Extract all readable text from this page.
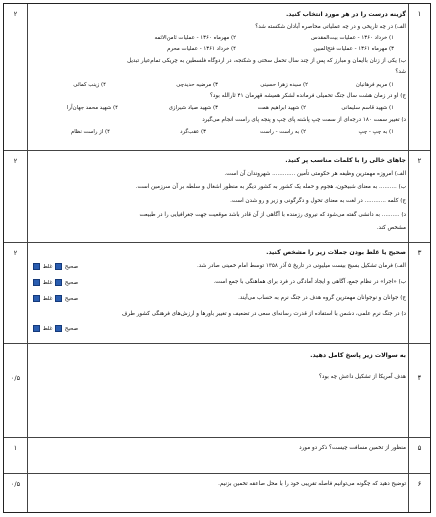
۱
۲	گزینه درست را در هر مورد انتخاب کنید.
الف) در چه تاریخی و در چه عملیاتی محاصره آبادان شکسته شد؟
۱) خرداد ۱۳۶۰ - عملیات بیت‌المقدس
۲) مهرماه ۱۳۶۰ - عملیات ثامن‌الائمه
۳) مهرماه ۱۳۶۱ - عملیات فتح‌المبین
۴) خرداد ۱۳۶۱ - عملیات محرم
ب) یکی از زنان باایمان و مبارز که پس از چند سال تحمل سختی و شکنجه، در اردوگاه فلسطین به چریکی تمام‌عیار تبدیل
شد؟
۱) مریم فرهانیان
۲) سیده زهرا حسینی
۳) مرضیه حدیدچی
۴) زینب کمائی
ج) او در زمان هشت سال جنگ تحمیلی فرمانده لشکر همیشه قهرمان ۴۱ ثارالله بود؟
۱) شهید قاسم سلیمانی
۲) شهید ابراهیم همت
۳) شهید صیاد شیرازی
۴) شهید محمد جهان‌آرا
د) تغییر سمت ۱۸۰ درجه‌ای از سمت چپ پاشنه پای چپ و پنجه پای راست انجام می‌گیرد
۱) به چپ - چپ
۲) به راست - راست
۳) عقب‌گرد
۴) از راست نظام
۲
۲	جاهای خالی را با کلمات مناسب پر کنید.
الف) امروزه مهمترین وظیفه هر حکومتی تأمین ............. شهروندان آن است.
ب) .......... به معنای شبیخون، هجوم و حمله یک کشور به کشور دیگر به منظور اشغال و سلطه بر آن سرزمین است.
ج) کلمه ............ در لغت به معنای تحول و دگرگونی و زیر و رو شدن است.
د) .......... به دانشی گفته می‌شود که نیروی رزمنده با آگاهی از آن قادر باشد موقعیت جهت جغرافیایی را در طبیعت
مشخص کند.
۳
۲	صحیح یا غلط بودن جملات زیر را مشخص کنید.
الف) فرمان تشکیل بسیج بیست میلیونی در تاریخ ۵ آذر ۱۳۵۸ توسط امام خمینی صادر شد.
صحیح  غلط
ب) «اجرا» در نظام جمع، آگاهی و ایجاد آمادگی در فرد برای هماهنگی با جمع است.
صحیح  غلط
ج) جوانان و نوجوانان مهمترین گروه هدف در جنگ نرم به حساب می‌آیند.
صحیح  غلط
د) در جنگ نرم علمی، دشمن با استفاده از قدرت رسانه‌ای سعی در تضعیف و تغییر باورها و ارزش‌های فرهنگی کشور طرف
صحیح  غلط
۴
۰/۵
به سوالات زیر پاسخ کامل دهید.
هدف آمریکا از تشکیل داعش چه بود؟
۵
۱	منظور از تخمین مسافت چیست؟ ذکر دو مورد
۶
۰/۵	توضیح دهید که چگونه می‌توانیم فاصله تقریبی خود را با محل صاعقه تخمین بزنیم.
